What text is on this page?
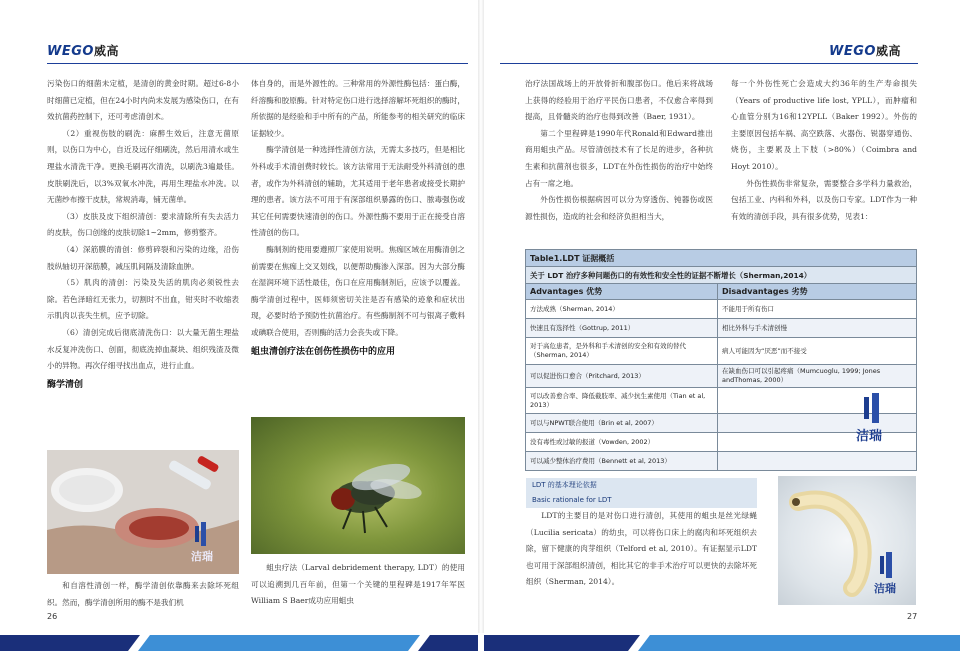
WEGO威高	WEGO威高

污染伤口的细菌未定植，是清创的黄金时期。超过6-8小时细菌已定植，但在24小时内尚未发展为感染伤口，在有效抗菌药控制下，还可考虑清创术。

（2）重视伤肢的刷洗：麻醉生效后，注意无菌原则，以伤口为中心，自近及远仔细刷洗，然后用清水或生理盐水清洗干净。更换毛刷再次清洗，以刷洗3遍最佳。皮肤刷洗后，以3%双氧水冲洗，再用生理盐水冲洗。以无菌纱布擦干皮肤，常规消毒，铺无菌单。

（3）皮肤及皮下组织清创：要求清除所有失去活力的皮肤，伤口创缘的皮肤切除1~2mm，修剪整齐。

（4）深筋膜的清创：修剪碎裂和污染的边缘，沿伤肢纵轴切开深筋膜，减压肌间隔及清除血肿。

（5）肌肉的清创：污染及失活的肌肉必须锐性去除。若色泽暗红无张力，切割时不出血，钳夹时不收缩表示肌肉以丧失生机，应予切除。

（6）清创完成后彻底清洗伤口：以大量无菌生理盐水反复冲洗伤口、创面，彻底洗掉血凝块、组织残渣及微小的异物。再次仔细寻找出血点，进行止血。

酶学清创

洁瑞

和自溶性清创一样，酶学清创依靠酶来去除坏死组织。然而，酶学清创所用的酶不是我们机

体自身的，而是外源性的。三种常用的外源性酶包括：蛋白酶，纤溶酶和胶原酶。针对特定伤口进行选择溶解坏死组织的酶时，所依据的是经验和手中所有的产品，所能参考的相关研究的临床证据较少。

酶学清创是一种选择性清创方法，无需太多技巧，但是相比外科或手术清创费时较长。该方法常用于无法耐受外科清创的患者，或作为外科清创的辅助，尤其适用于老年患者或接受长期护理的患者。该方法不可用于有深部组织暴露的伤口、脓毒强伤或其它任何需要快速清创的伤口。外源性酶不要用于正在接受自溶性清创的伤口。

酶制剂的使用要遵照厂家使用说明。焦痂区域在用酶清创之前需要在焦痂上交叉划线，以便帮助酶渗入深部。因为大部分酶在湿润环境下活性最佳，伤口在应用酶制剂后，应该予以覆盖。酶学清创过程中，医师须密切关注是否有感染的迹象和症状出现，必要时给予预防性抗菌治疗。有些酶制剂不可与银离子敷料或碘联合使用，否则酶的活力会丧失或下降。

蛆虫清创疗法在创伤性损伤中的应用

蛆虫疗法（Larval debridement therapy, LDT）的使用可以追溯到几百年前，但第一个关键的里程碑是1917年军医William S Baer成功应用蛆虫

26

治疗法国战场上的开放骨折和腹部伤口。他后来将战场上获得的经验用于治疗平民伤口患者，不仅愈合率得到提高，且骨髓炎的治疗也得到改善（Baer, 1931）。

第二个里程碑是1990年代Ronald和Edward推出商用蛆虫产品。尽管清创技术有了长足的进步，各种抗生素和抗菌剂也很多，LDT在外伤性损伤的治疗中始终占有一席之地。

外伤性损伤根据病因可以分为穿透伤、钝器伤或医源性损伤，造成的社会和经济负担相当大，

每一个外伤性死亡会造成大约36年的生产寿命损失（Years of productive life lost, YPLL），而肿瘤和心血管分别为16和12YPLL（Baker 1992）。外伤的主要原因包括车祸、高空跌落、火器伤、锐器穿通伤、烧伤，主要累及上下肢（>80%）（Coimbra and Hoyt 2010）。

外伤性损伤非常复杂，需要整合多学科力量救治，包括工业、内科和外科，以及伤口专家。LDT作为一种有效的清创手段，具有很多优势，见表1：

Table1.LDT 证据概括	
关于 LDT 治疗多种问题伤口的有效性和安全性的证据不断增长（Sherman,2014）	
Advantages 优势	Disadvantages 劣势
方法成熟（Sherman, 2014）	不能用于所有伤口
快速且有选择性（Gottrup, 2011）	相比外科与手术清创慢
对于高危患者，是外科和手术清创的安全和有效的替代（Sherman, 2014）	病人可能因为“厌恶”而不接受
可以促进伤口愈合（Pritchard, 2013）	在缺血伤口可以引起疼痛（Mumcuoglu, 1999; Jones andThomas, 2000）
可以改善愈合率、降低截肢率、减少抗生素使用（Tian et al, 2013）	
可以与NPWT联合使用（Brin et al, 2007）	
没有毒性或过敏的报道（Vowden, 2002）	
可以减少整体治疗费用（Bennett et al, 2013）	
洁瑞
LDT 的基本理论依据
Basic rationale for LDT

LDT的主要目的是对伤口进行清创，其使用的蛆虫是丝光绿蝇（Lucilia sericata）的幼虫，可以将伤口床上的腐肉和坏死组织去除，留下健康的肉芽组织（Telford et al, 2010）。有证据显示LDT也可用于深部组织清创，相比其它的非手术治疗可以更快的去除坏死组织（Sherman, 2014）。

洁瑞
27
